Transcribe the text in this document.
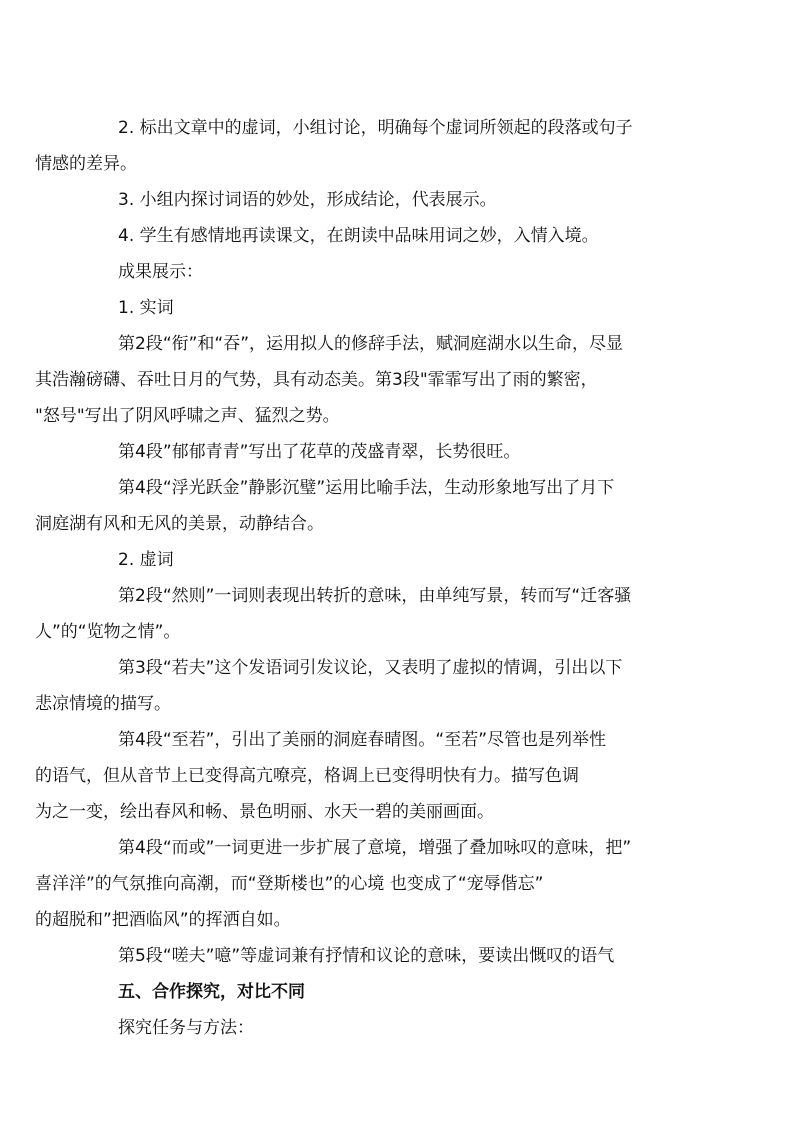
2. 标出文章中的虚词，小组讨论，明确每个虚词所领起的段落或句子
情感的差异。
3. 小组内探讨词语的妙处，形成结论，代表展示。
4. 学生有感情地再读课文，在朗读中品味用词之妙，入情入境。
成果展示：
1. 实词
第2段“衔”和“吞”，运用拟人的修辞手法，赋洞庭湖水以生命，尽显
其浩瀚磅礴、吞吐日月的气势，具有动态美。第3段"霏霏写出了雨的繁密，
"怒号"写出了阴风呼啸之声、猛烈之势。
第4段”郁郁青青”写出了花草的茂盛青翠，长势很旺。
第4段“浮光跃金”静影沉璧”运用比喻手法，生动形象地写出了月下
洞庭湖有风和无风的美景，动静结合。
2. 虚词
第2段“然则”一词则表现出转折的意味，由单纯写景，转而写“迁客骚
人”的“览物之情”。
第3段“若夫”这个发语词引发议论，又表明了虚拟的情调，引出以下
悲凉情境的描写。
第4段“至若”，引出了美丽的洞庭春晴图。“至若”尽管也是列举性
的语气，但从音节上已变得高亢嘹亮，格调上已变得明快有力。描写色调
为之一变，绘出春风和畅、景色明丽、水天一碧的美丽画面。
第4段“而或”一词更进一步扩展了意境，增强了叠加咏叹的意味，把”
喜洋洋”的气氛推向高潮，而“登斯楼也”的心境 也变成了“宠辱偕忘”
的超脱和”把酒临风”的挥洒自如。
第5段“嗟夫”噫”等虚词兼有抒情和议论的意味，要读出慨叹的语气
五、合作探究，对比不同
探究任务与方法：
